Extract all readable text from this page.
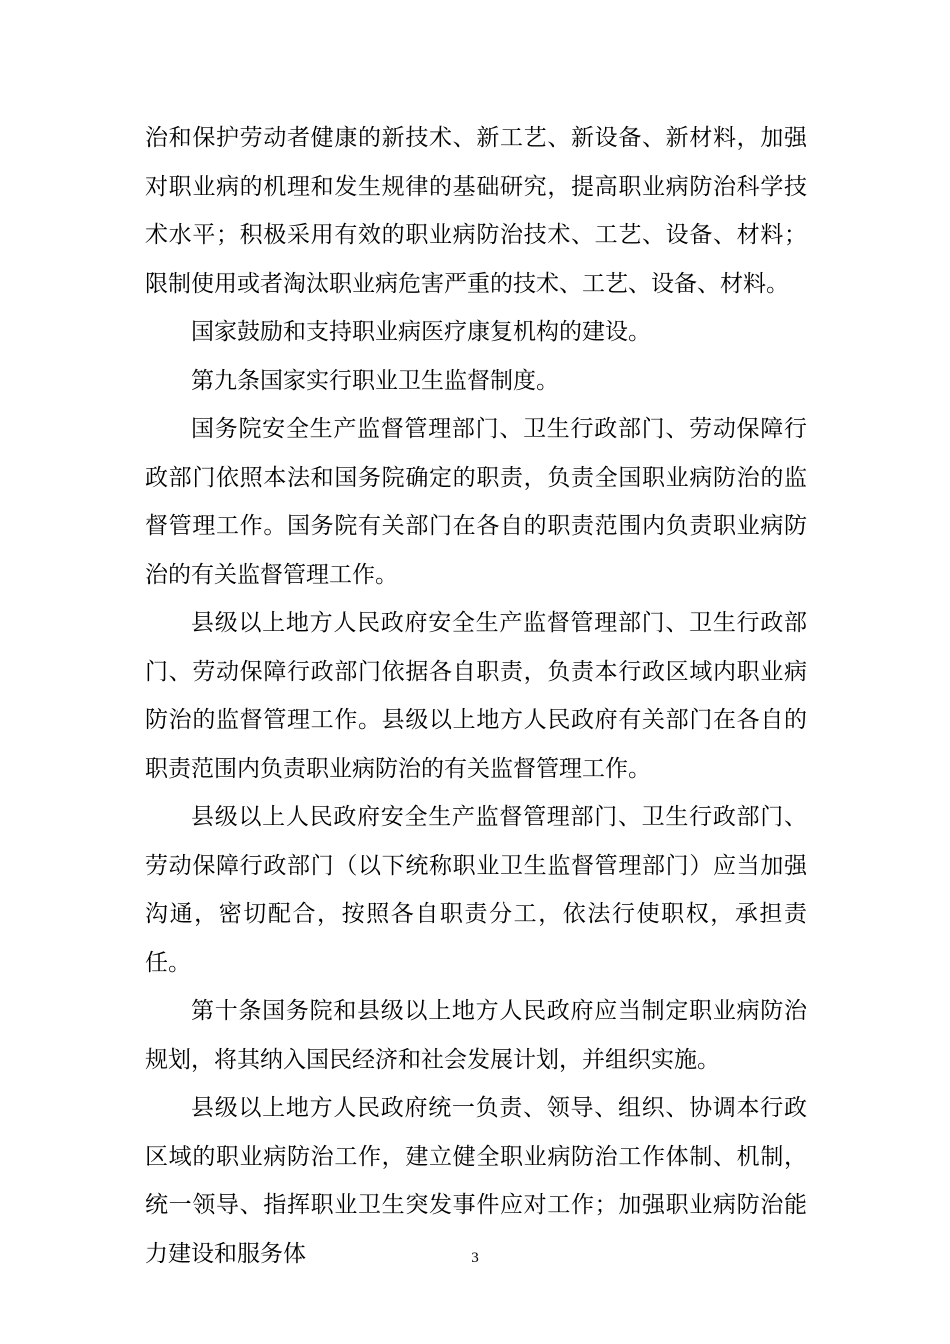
治和保护劳动者健康的新技术、新工艺、新设备、新材料，加强对职业病的机理和发生规律的基础研究，提高职业病防治科学技术水平；积极采用有效的职业病防治技术、工艺、设备、材料；限制使用或者淘汰职业病危害严重的技术、工艺、设备、材料。

国家鼓励和支持职业病医疗康复机构的建设。

第九条国家实行职业卫生监督制度。

国务院安全生产监督管理部门、卫生行政部门、劳动保障行政部门依照本法和国务院确定的职责，负责全国职业病防治的监督管理工作。国务院有关部门在各自的职责范围内负责职业病防治的有关监督管理工作。

县级以上地方人民政府安全生产监督管理部门、卫生行政部门、劳动保障行政部门依据各自职责，负责本行政区域内职业病防治的监督管理工作。县级以上地方人民政府有关部门在各自的职责范围内负责职业病防治的有关监督管理工作。

县级以上人民政府安全生产监督管理部门、卫生行政部门、劳动保障行政部门（以下统称职业卫生监督管理部门）应当加强沟通，密切配合，按照各自职责分工，依法行使职权，承担责任。

第十条国务院和县级以上地方人民政府应当制定职业病防治规划，将其纳入国民经济和社会发展计划，并组织实施。

县级以上地方人民政府统一负责、领导、组织、协调本行政区域的职业病防治工作，建立健全职业病防治工作体制、机制，统一领导、指挥职业卫生突发事件应对工作；加强职业病防治能力建设和服务体	3
